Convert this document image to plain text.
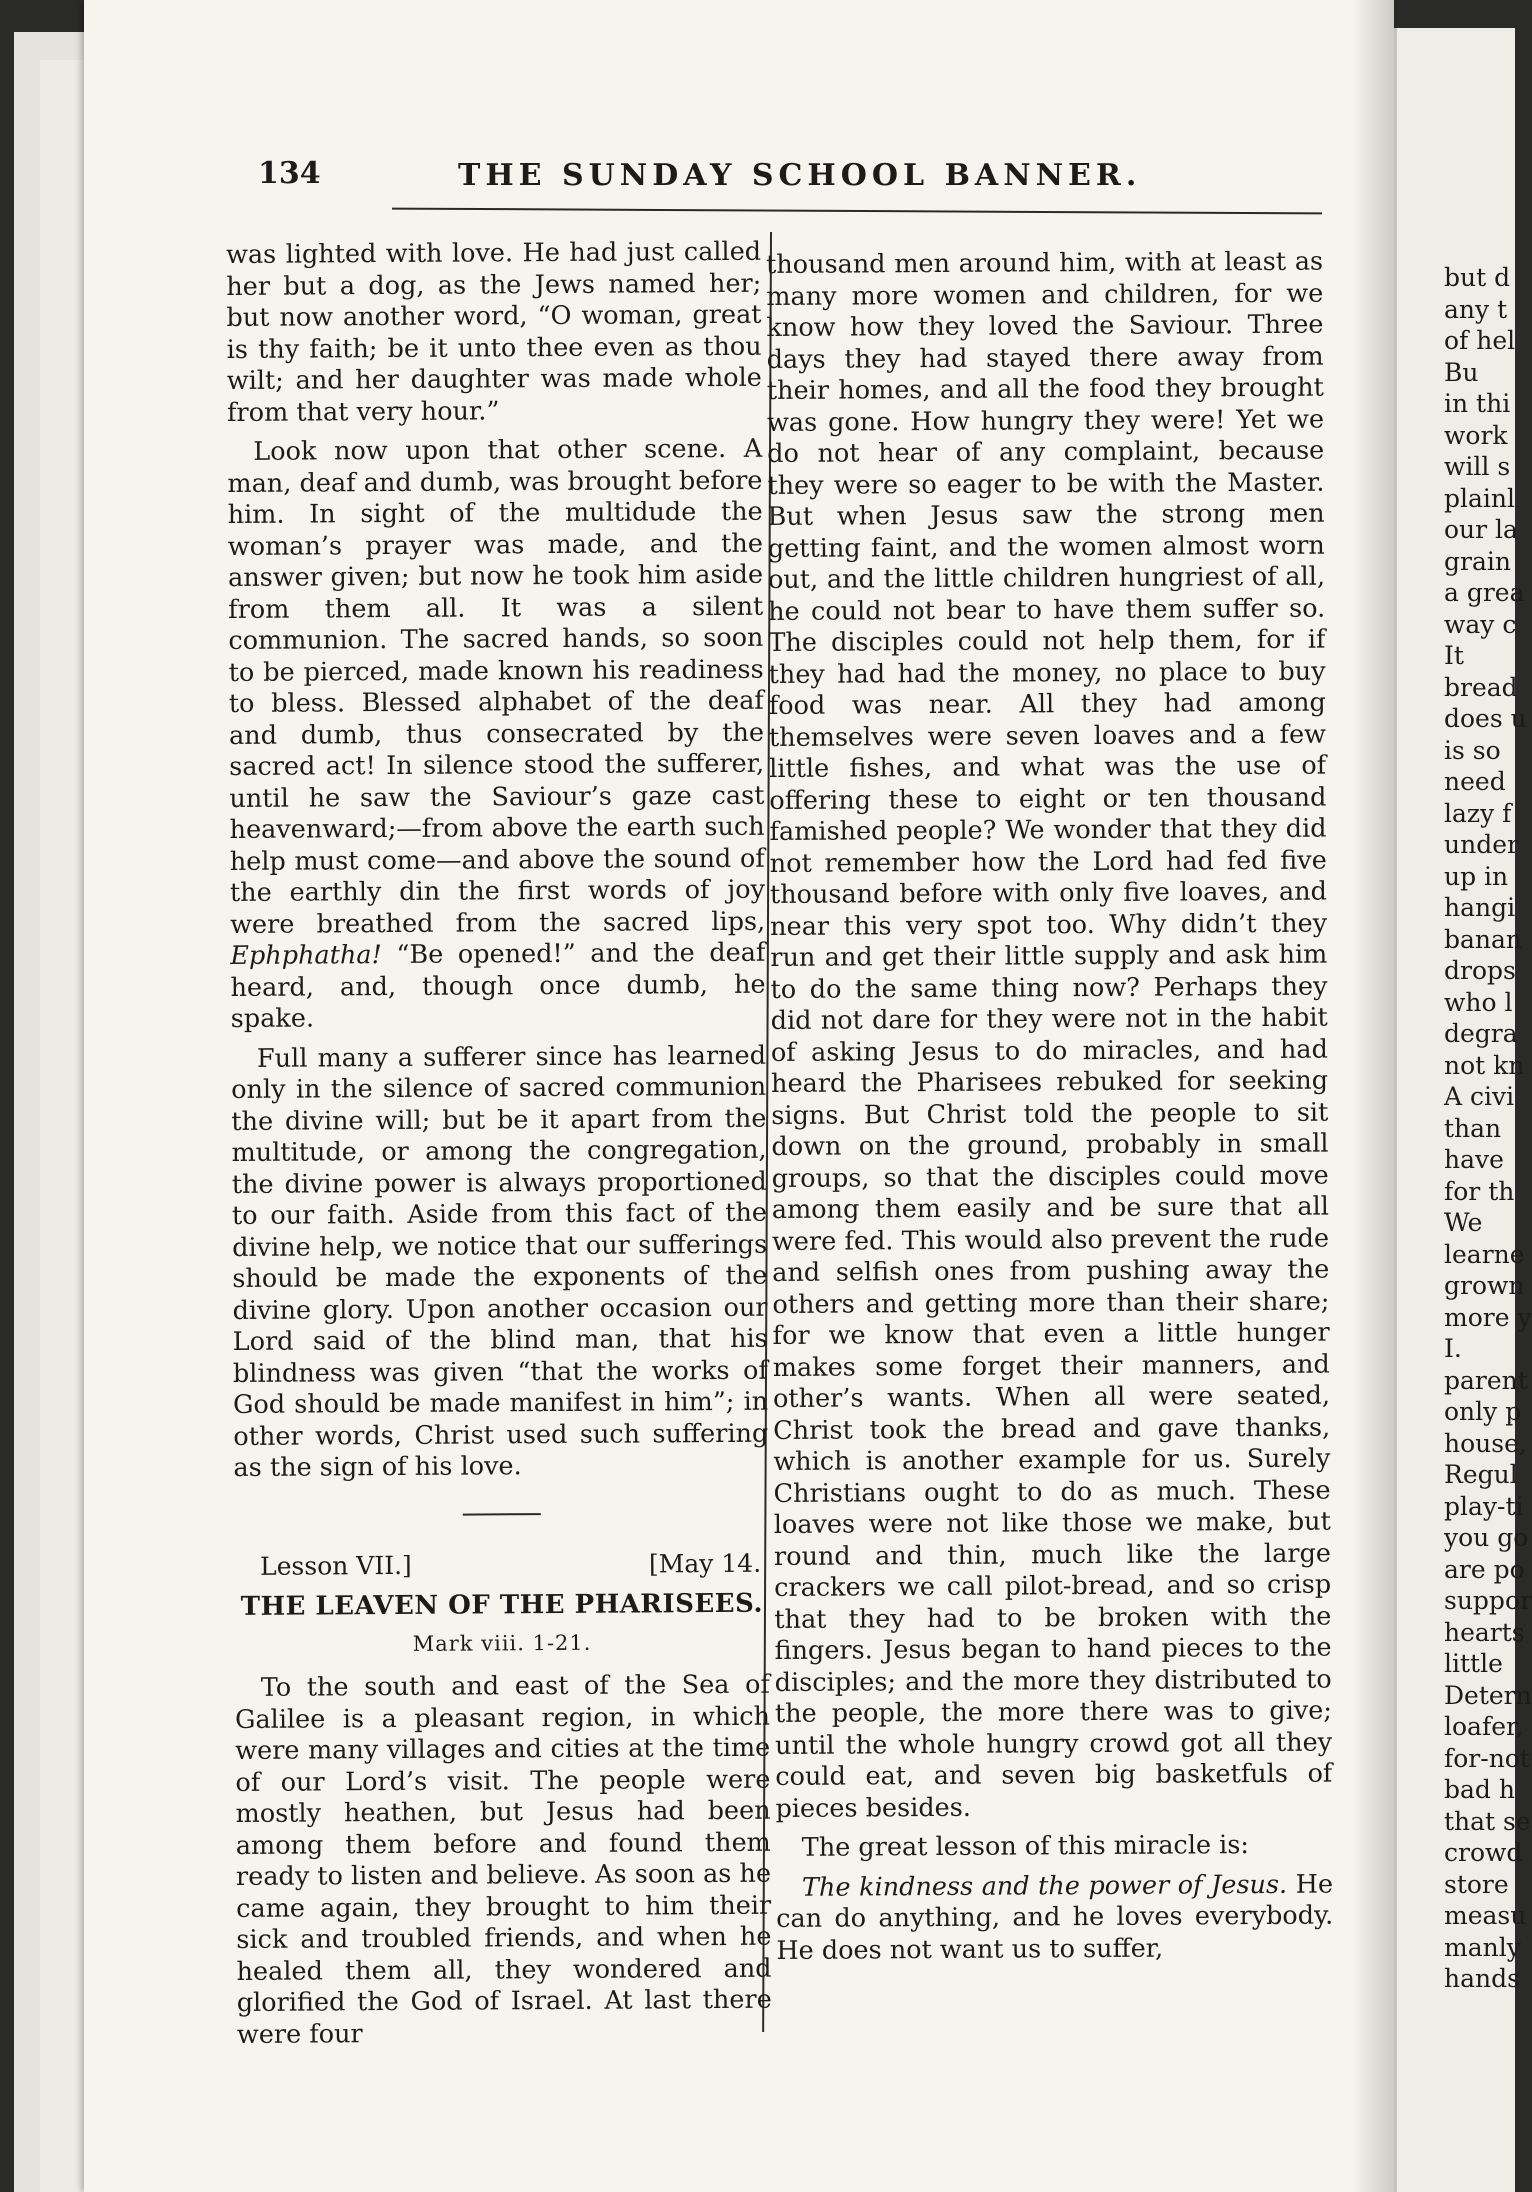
134	THE SUNDAY SCHOOL BANNER.

was lighted with love. He had just called her but a dog, as the Jews named her; but now another word, “O woman, great is thy faith; be it unto thee even as thou wilt; and her daughter was made whole from that very hour.”

Look now upon that other scene. A man, deaf and dumb, was brought before him. In sight of the multidude the woman’s prayer was made, and the answer given; but now he took him aside from them all. It was a silent communion. The sacred hands, so soon to be pierced, made known his readiness to bless. Blessed alphabet of the deaf and dumb, thus consecrated by the sacred act! In silence stood the sufferer, until he saw the Saviour’s gaze cast heavenward;—from above the earth such help must come—and above the sound of the earthly din the first words of joy were breathed from the sacred lips, Ephphatha! “Be opened!” and the deaf heard, and, though once dumb, he spake.

Full many a sufferer since has learned only in the silence of sacred communion the divine will; but be it apart from the multitude, or among the congregation, the divine power is always proportioned to our faith. Aside from this fact of the divine help, we notice that our sufferings should be made the exponents of the divine glory. Upon another occasion our Lord said of the blind man, that his blindness was given “that the works of God should be made manifest in him”; in other words, Christ used such suffering as the sign of his love.

Lesson VII.]	[May 14.
THE LEAVEN OF THE PHARISEES.
Mark viii. 1-21.

To the south and east of the Sea of Galilee is a pleasant region, in which were many villages and cities at the time of our Lord’s visit. The people were mostly heathen, but Jesus had been among them before and found them ready to listen and believe. As soon as he came again, they brought to him their sick and troubled friends, and when he healed them all, they wondered and glorified the God of Israel. At last there were four

thousand men around him, with at least as many more women and children, for we know how they loved the Saviour. Three days they had stayed there away from their homes, and all the food they brought was gone. How hungry they were! Yet we do not hear of any complaint, because they were so eager to be with the Master. But when Jesus saw the strong men getting faint, and the women almost worn out, and the little children hungriest of all, he could not bear to have them suffer so. The disciples could not help them, for if they had had the money, no place to buy food was near. All they had among themselves were seven loaves and a few little fishes, and what was the use of offering these to eight or ten thousand famished people? We wonder that they did not remember how the Lord had fed five thousand before with only five loaves, and near this very spot too. Why didn’t they run and get their little supply and ask him to do the same thing now? Perhaps they did not dare for they were not in the habit of asking Jesus to do miracles, and had heard the Pharisees rebuked for seeking signs. But Christ told the people to sit down on the ground, probably in small groups, so that the disciples could move among them easily and be sure that all were fed. This would also prevent the rude and selfish ones from pushing away the others and getting more than their share; for we know that even a little hunger makes some forget their manners, and other’s wants. When all were seated, Christ took the bread and gave thanks, which is another example for us. Surely Christians ought to do as much. These loaves were not like those we make, but round and thin, much like the large crackers we call pilot-bread, and so crisp that they had to be broken with the fingers. Jesus began to hand pieces to the disciples; and the more they distributed to the people, the more there was to give; until the whole hungry crowd got all they could eat, and seven big basketfuls of pieces besides.

The great lesson of this miracle is:

The kindness and the power of Jesus. He can do anything, and he loves everybody. He does not want us to suffer,

but d
any t
of hel
Bu
in thi
work
will s
plainl
our la
grain
a grea
way c
It
bread
does u
is so
need
lazy f
under
up in
hangi
banan
drops
who l
degra
not kn
A civi
than
have
for th
We
learne
grown
more y
I.
parent
only p
house,
Regul
play-ti
you go
are po
suppor
hearts
little
Detern
loafer,
for-not
bad h
that se
crowd
store
measu
manly
hands
